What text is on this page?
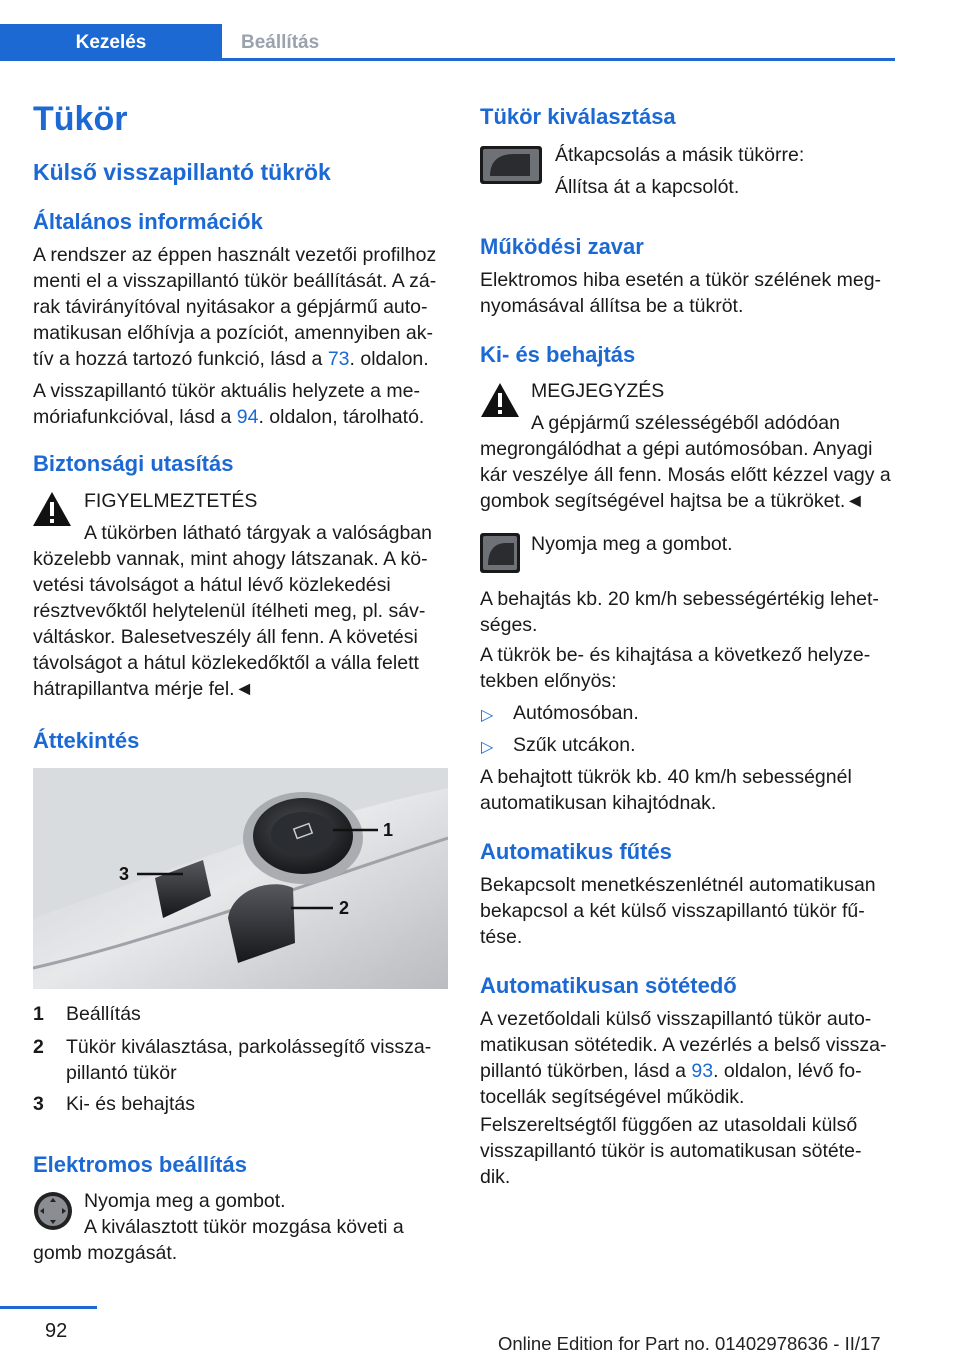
Kezelés	Beállítás
Tükör
Külső visszapillantó tükrök
Általános információk
A rendszer az éppen használt vezetői profilhoz
menti el a visszapillantó tükör beállítását. A zá-
rak távirányítóval nyitásakor a gépjármű auto-
matikusan előhívja a pozíciót, amennyiben ak-
tív a hozzá tartozó funkció, lásd a 73. oldalon.
A visszapillantó tükör aktuális helyzete a me-
móriafunkcióval, lásd a 94. oldalon, tárolható.
Biztonsági utasítás
FIGYELMEZTETÉS
A tükörben látható tárgyak a valóságban
közelebb vannak, mint ahogy látszanak. A kö-
vetési távolságot a hátul lévő közlekedési
résztvevőktől helytelenül ítélheti meg, pl. sáv-
váltáskor. Balesetveszély áll fenn. A követési
távolságot a hátul közlekedőktől a válla felett
hátrapillantva mérje fel.◄
Áttekintés
1
2
3
1 Beállítás
2 Tükör kiválasztása, parkolássegítő vissza-
pillantó tükör
3 Ki- és behajtás
Elektromos beállítás
Nyomja meg a gombot.
A kiválasztott tükör mozgása követi a
gomb mozgását.
Tükör kiválasztása
Átkapcsolás a másik tükörre:
Állítsa át a kapcsolót.
Működési zavar
Elektromos hiba esetén a tükör szélének meg-
nyomásával állítsa be a tükröt.
Ki- és behajtás
MEGJEGYZÉS
A gépjármű szélességéből adódóan
megrongálódhat a gépi autómosóban. Anyagi
kár veszélye áll fenn. Mosás előtt kézzel vagy a
gombok segítségével hajtsa be a tükröket.◄
Nyomja meg a gombot.
A behajtás kb. 20 km/h sebességértékig lehet-
séges.
A tükrök be- és kihajtása a következő helyze-
tekben előnyös:
▷ Autómosóban.
▷ Szűk utcákon.
A behajtott tükrök kb. 40 km/h sebességnél
automatikusan kihajtódnak.
Automatikus fűtés
Bekapcsolt menetkészenlétnél automatikusan
bekapcsol a két külső visszapillantó tükör fű-
tése.
Automatikusan sötétedő
A vezetőoldali külső visszapillantó tükör auto-
matikusan sötétedik. A vezérlés a belső vissza-
pillantó tükörben, lásd a 93. oldalon, lévő fo-
tocellák segítségével működik.
Felszereltségtől függően az utasoldali külső
visszapillantó tükör is automatikusan sötéte-
dik.
92
Online Edition for Part no. 01402978636 - II/17
